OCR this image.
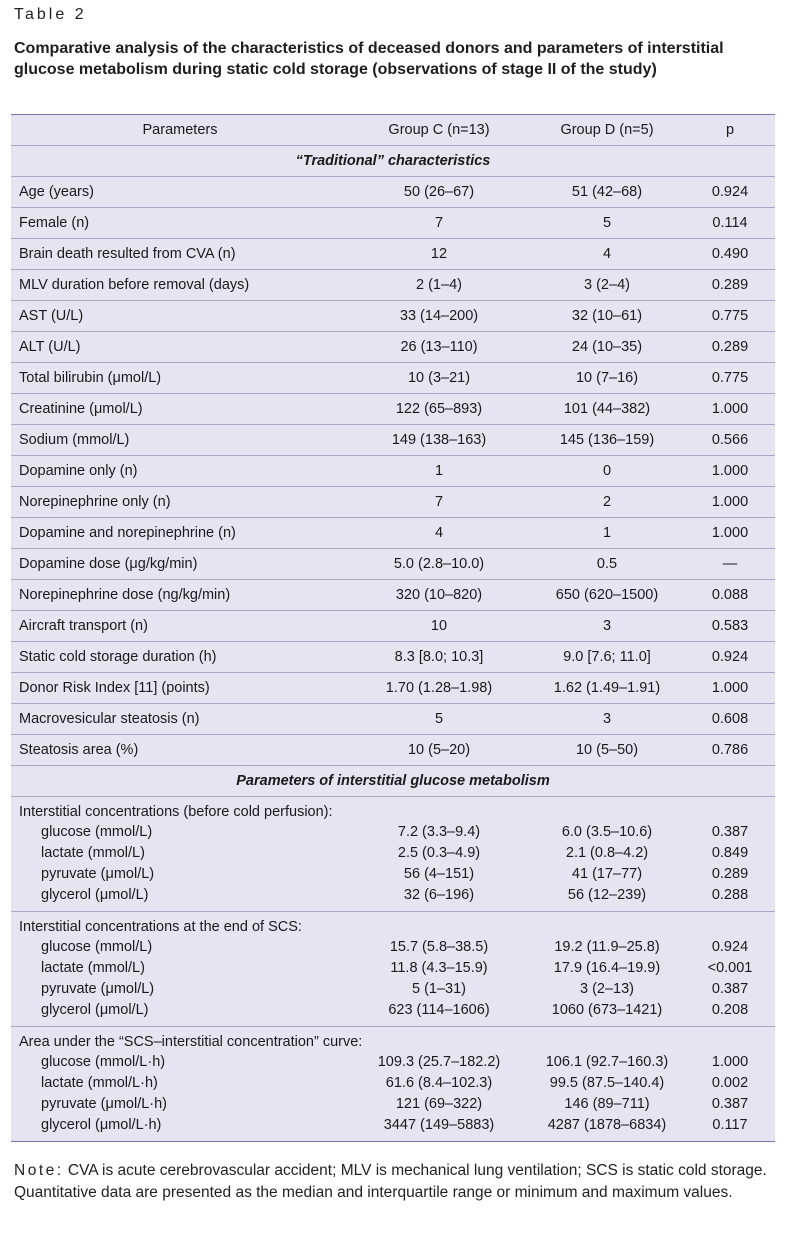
Table 2
Comparative analysis of the characteristics of deceased donors and parameters of interstitial glucose metabolism during static cold storage (observations of stage II of the study)
Parameters	Group C (n=13)	Group D (n=5)	p
“Traditional” characteristics			
Age (years)	50 (26–67)	51 (42–68)	0.924
Female (n)	7	5	0.114
Brain death resulted from CVA (n)	12	4	0.490
MLV duration before removal (days)	2 (1–4)	3 (2–4)	0.289
AST (U/L)	33 (14–200)	32 (10–61)	0.775
ALT (U/L)	26 (13–110)	24 (10–35)	0.289
Total bilirubin (μmol/L)	10 (3–21)	10 (7–16)	0.775
Creatinine (μmol/L)	122 (65–893)	101 (44–382)	1.000
Sodium (mmol/L)	149 (138–163)	145 (136–159)	0.566
Dopamine only (n)	1	0	1.000
Norepinephrine only (n)	7	2	1.000
Dopamine and norepinephrine (n)	4	1	1.000
Dopamine dose (μg/kg/min)	5.0 (2.8–10.0)	0.5	—
Norepinephrine dose (ng/kg/min)	320 (10–820)	650 (620–1500)	0.088
Aircraft transport (n)	10	3	0.583
Static cold storage duration (h)	8.3 [8.0; 10.3]	9.0 [7.6; 11.0]	0.924
Donor Risk Index [11] (points)	1.70 (1.28–1.98)	1.62 (1.49–1.91)	1.000
Macrovesicular steatosis (n)	5	3	0.608
Steatosis area (%)	10 (5–20)	10 (5–50)	0.786
Parameters of interstitial glucose metabolism			
Interstitial concentrations (before cold perfusion):			
glucose (mmol/L)	7.2 (3.3–9.4)	6.0 (3.5–10.6)	0.387
lactate (mmol/L)	2.5 (0.3–4.9)	2.1 (0.8–4.2)	0.849
pyruvate (μmol/L)	56 (4–151)	41 (17–77)	0.289
glycerol (μmol/L)	32 (6–196)	56 (12–239)	0.288
Interstitial concentrations at the end of SCS:			
glucose (mmol/L)	15.7 (5.8–38.5)	19.2 (11.9–25.8)	0.924
lactate (mmol/L)	11.8 (4.3–15.9)	17.9 (16.4–19.9)	<0.001
pyruvate (μmol/L)	5 (1–31)	3 (2–13)	0.387
glycerol (μmol/L)	623 (114–1606)	1060 (673–1421)	0.208
Area under the “SCS–interstitial concentration” curve:			
glucose (mmol/L·h)	109.3 (25.7–182.2)	106.1 (92.7–160.3)	1.000
lactate (mmol/L·h)	61.6 (8.4–102.3)	99.5 (87.5–140.4)	0.002
pyruvate (μmol/L·h)	121 (69–322)	146 (89–711)	0.387
glycerol (μmol/L·h)	3447 (149–5883)	4287 (1878–6834)	0.117
Note: CVA is acute cerebrovascular accident; MLV is mechanical lung ventilation; SCS is static cold storage. Quantitative data are presented as the median and interquartile range or minimum and maximum values.
